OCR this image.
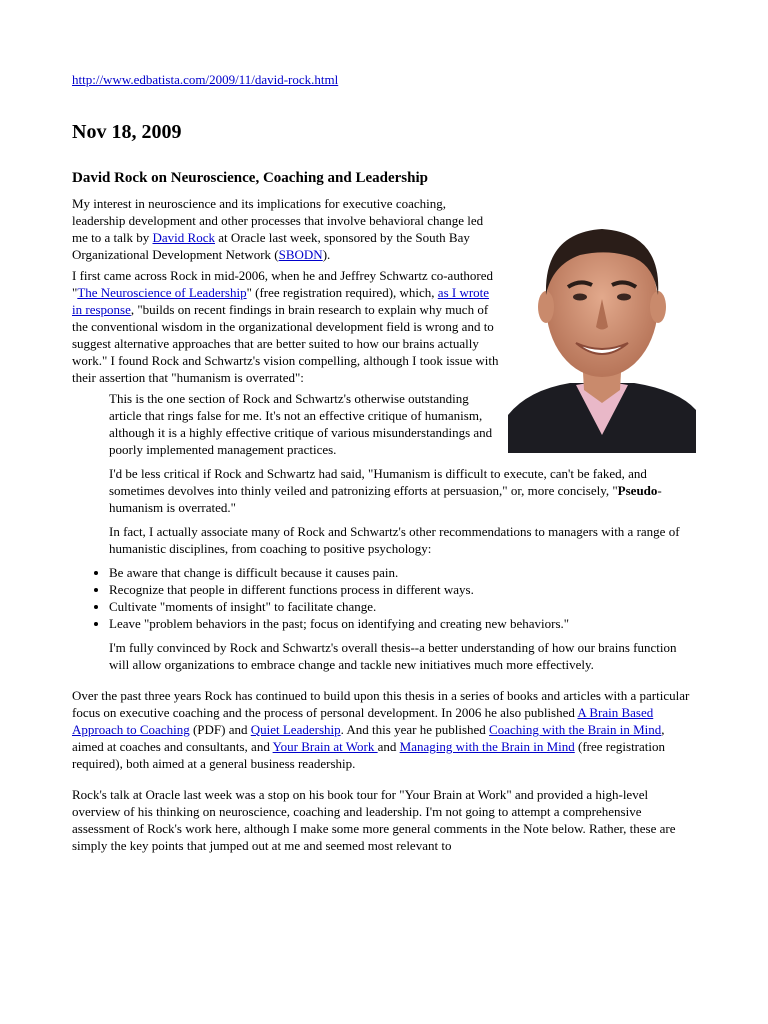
http://www.edbatista.com/2009/11/david-rock.html
Nov 18, 2009
David Rock on Neuroscience, Coaching and Leadership

My interest in neuroscience and its implications for executive coaching, leadership development and other processes that involve behavioral change led me to a talk by David Rock at Oracle last week, sponsored by the South Bay Organizational Development Network (SBODN).

I first came across Rock in mid-2006, when he and Jeffrey Schwartz co-authored "The Neuroscience of Leadership" (free registration required), which, as I wrote in response, "builds on recent findings in brain research to explain why much of the conventional wisdom in the organizational development field is wrong and to suggest alternative approaches that are better suited to how our brains actually work." I found Rock and Schwartz's vision compelling, although I took issue with their assertion that "humanism is overrated":

This is the one section of Rock and Schwartz's otherwise outstanding article that rings false for me. It's not an effective critique of humanism, although it is a highly effective critique of various misunderstandings and poorly implemented management practices.

I'd be less critical if Rock and Schwartz had said, "Humanism is difficult to execute, can't be faked, and sometimes devolves into thinly veiled and patronizing efforts at persuasion," or, more concisely, "Pseudo-humanism is overrated."

In fact, I actually associate many of Rock and Schwartz's other recommendations to managers with a range of humanistic disciplines, from coaching to positive psychology:

• Be aware that change is difficult because it causes pain.
• Recognize that people in different functions process in different ways.
• Cultivate "moments of insight" to facilitate change.
• Leave "problem behaviors in the past; focus on identifying and creating new behaviors."

I'm fully convinced by Rock and Schwartz's overall thesis--a better understanding of how our brains function will allow organizations to embrace change and tackle new initiatives much more effectively.

Over the past three years Rock has continued to build upon this thesis in a series of books and articles with a particular focus on executive coaching and the process of personal development. In 2006 he also published A Brain Based Approach to Coaching (PDF) and Quiet Leadership. And this year he published Coaching with the Brain in Mind, aimed at coaches and consultants, and Your Brain at Work and Managing with the Brain in Mind (free registration required), both aimed at a general business readership.

Rock's talk at Oracle last week was a stop on his book tour for "Your Brain at Work" and provided a high-level overview of his thinking on neuroscience, coaching and leadership. I'm not going to attempt a comprehensive assessment of Rock's work here, although I make some more general comments in the Note below. Rather, these are simply the key points that jumped out at me and seemed most relevant to
